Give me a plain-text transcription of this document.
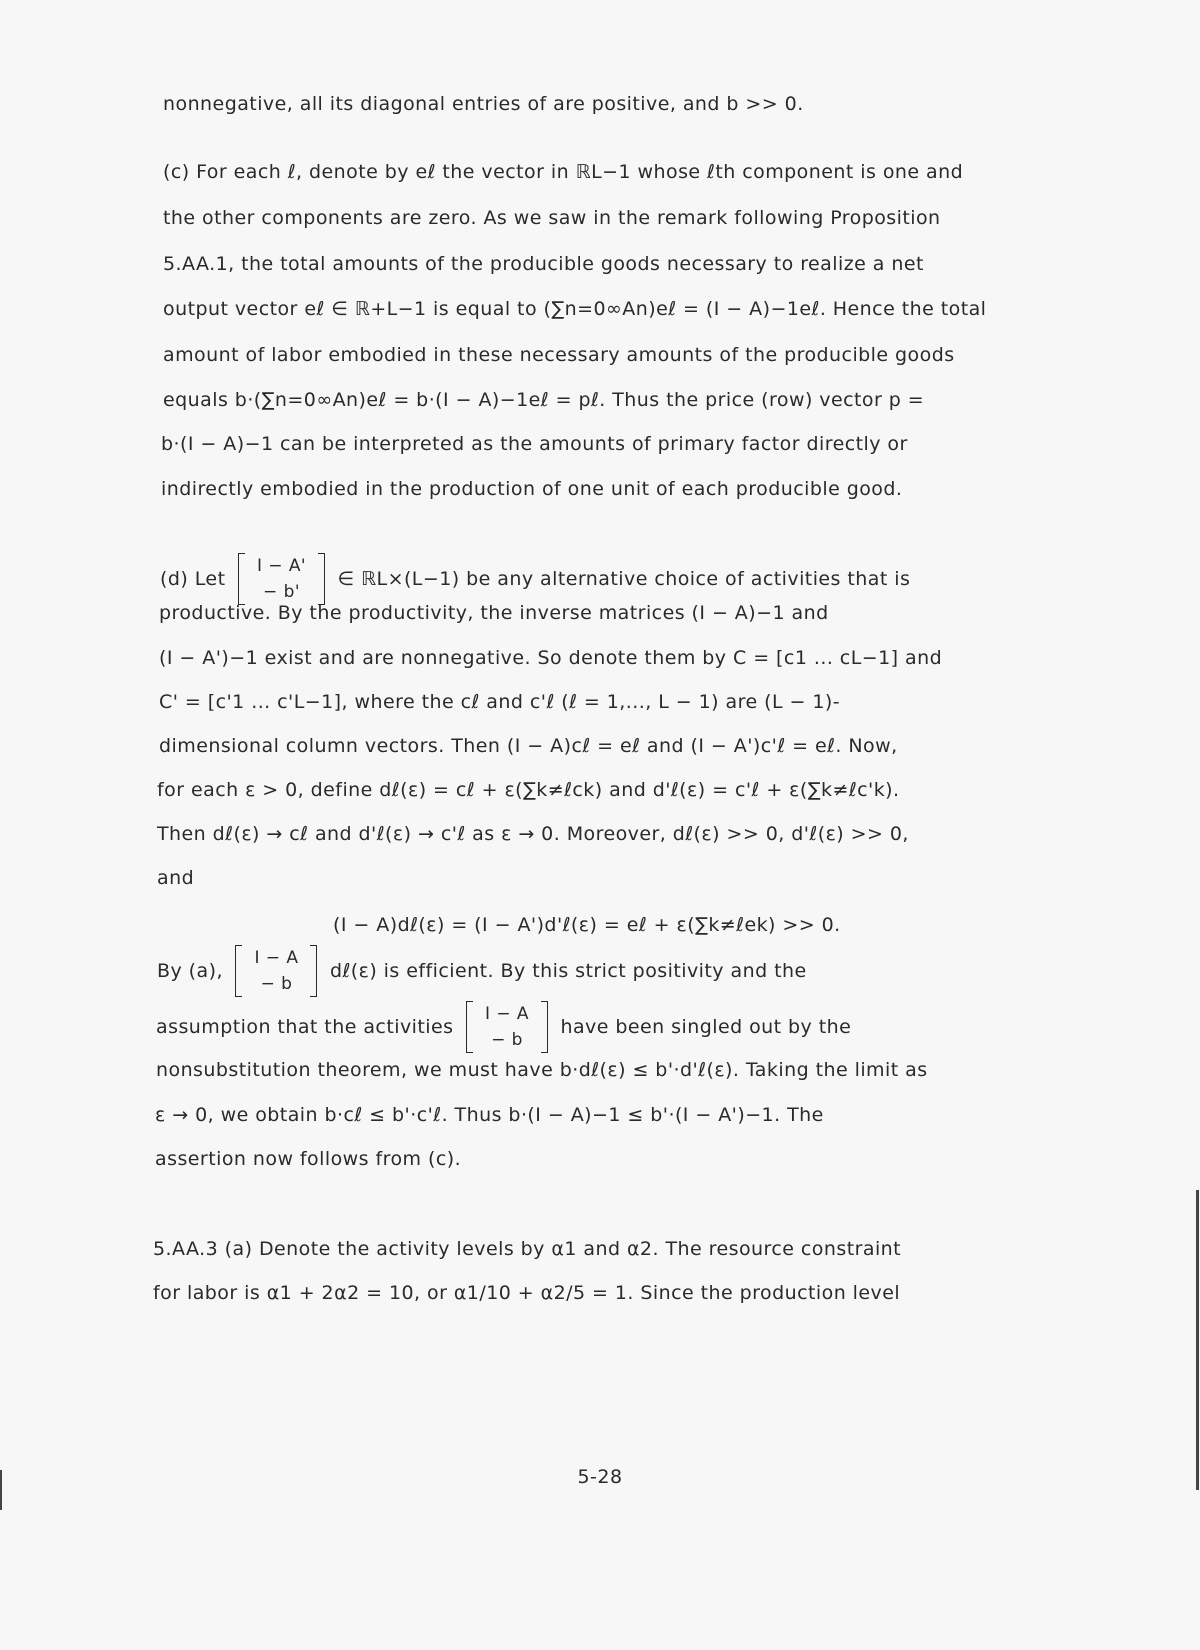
nonnegative, all its diagonal entries of are positive, and b >> 0.
(c) For each ℓ, denote by eℓ the vector in ℝL−1 whose ℓth component is one and
the other components are zero. As we saw in the remark following Proposition
5.AA.1, the total amounts of the producible goods necessary to realize a net
output vector eℓ ∈ ℝ+L−1 is equal to (∑n=0∞An)eℓ = (I − A)−1eℓ. Hence the total
amount of labor embodied in these necessary amounts of the producible goods
equals b·(∑n=0∞An)eℓ = b·(I − A)−1eℓ = pℓ. Thus the price (row) vector p =
b·(I − A)−1 can be interpreted as the amounts of primary factor directly or
indirectly embodied in the production of one unit of each producible good.
(d) Let
I − A'
− b'
∈ ℝL×(L−1) be any alternative choice of activities that is
productive. By the productivity, the inverse matrices (I − A)−1 and
(I − A')−1 exist and are nonnegative. So denote them by C = [c1 ... cL−1] and
C' = [c'1 ... c'L−1], where the cℓ and c'ℓ (ℓ = 1,..., L − 1) are (L − 1)-
dimensional column vectors. Then (I − A)cℓ = eℓ and (I − A')c'ℓ = eℓ. Now,
for each ε > 0, define dℓ(ε) = cℓ + ε(∑k≠ℓck) and d'ℓ(ε) = c'ℓ + ε(∑k≠ℓc'k).
Then dℓ(ε) → cℓ and d'ℓ(ε) → c'ℓ as ε → 0. Moreover, dℓ(ε) >> 0, d'ℓ(ε) >> 0,
and
(I − A)dℓ(ε) = (I − A')d'ℓ(ε) = eℓ + ε(∑k≠ℓek) >> 0.
By (a),
I − A
− b
dℓ(ε) is efficient. By this strict positivity and the
assumption that the activities
I − A
− b
have been singled out by the
nonsubstitution theorem, we must have b·dℓ(ε) ≤ b'·d'ℓ(ε). Taking the limit as
ε → 0, we obtain b·cℓ ≤ b'·c'ℓ. Thus b·(I − A)−1 ≤ b'·(I − A')−1. The
assertion now follows from (c).
5.AA.3 (a) Denote the activity levels by α1 and α2. The resource constraint
for labor is α1 + 2α2 = 10, or α1/10 + α2/5 = 1. Since the production level
5-28
